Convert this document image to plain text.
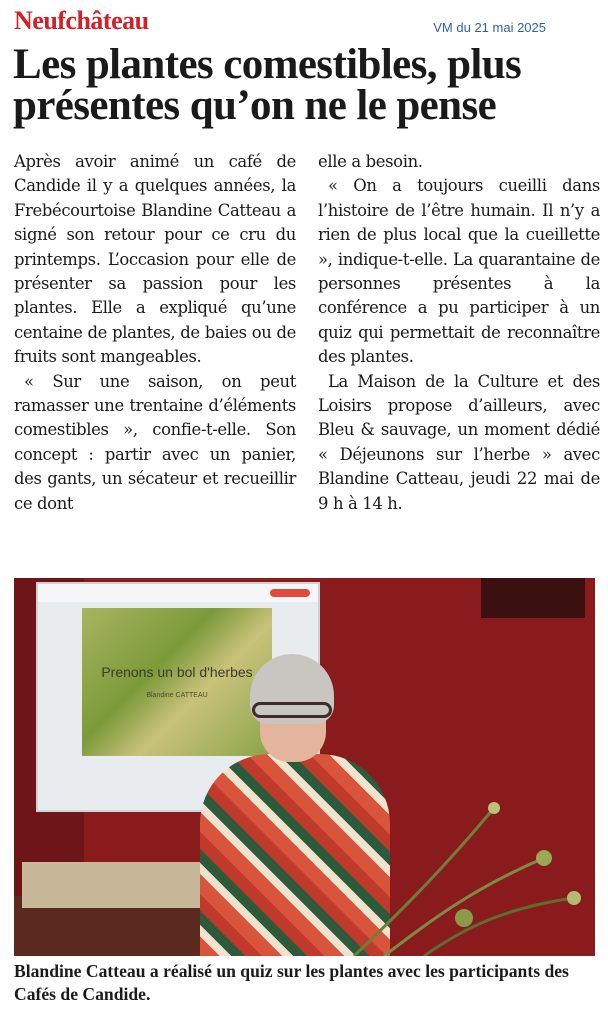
Neufchâteau	VM du 21 mai 2025
Les plantes comestibles, plus présentes qu’on ne le pense

Après avoir animé un café de Candide il y a quelques années, la Frebécourtoise Blandine Catteau a signé son retour pour ce cru du printemps. L’occasion pour elle de présenter sa passion pour les plantes. Elle a expliqué qu’une centaine de plantes, de baies ou de fruits sont mangeables.

« Sur une saison, on peut ramasser une trentaine d’éléments comestibles », confie-t-elle. Son concept : partir avec un panier, des gants, un sécateur et recueillir ce dont

elle a besoin.

« On a toujours cueilli dans l’histoire de l’être humain. Il n’y a rien de plus local que la cueillette », indique-t-elle. La quarantaine de personnes présentes à la conférence a pu participer à un quiz qui permettait de reconnaître des plantes.

La Maison de la Culture et des Loisirs propose d’ailleurs, avec Bleu & sauvage, un moment dédié « Déjeunons sur l’herbe » avec Blandine Catteau, jeudi 22 mai de 9 h à 14 h.

Prenons un bol d'herbes
Blandine CATTEAU

Blandine Catteau a réalisé un quiz sur les plantes avec les participants des Cafés de Candide.
